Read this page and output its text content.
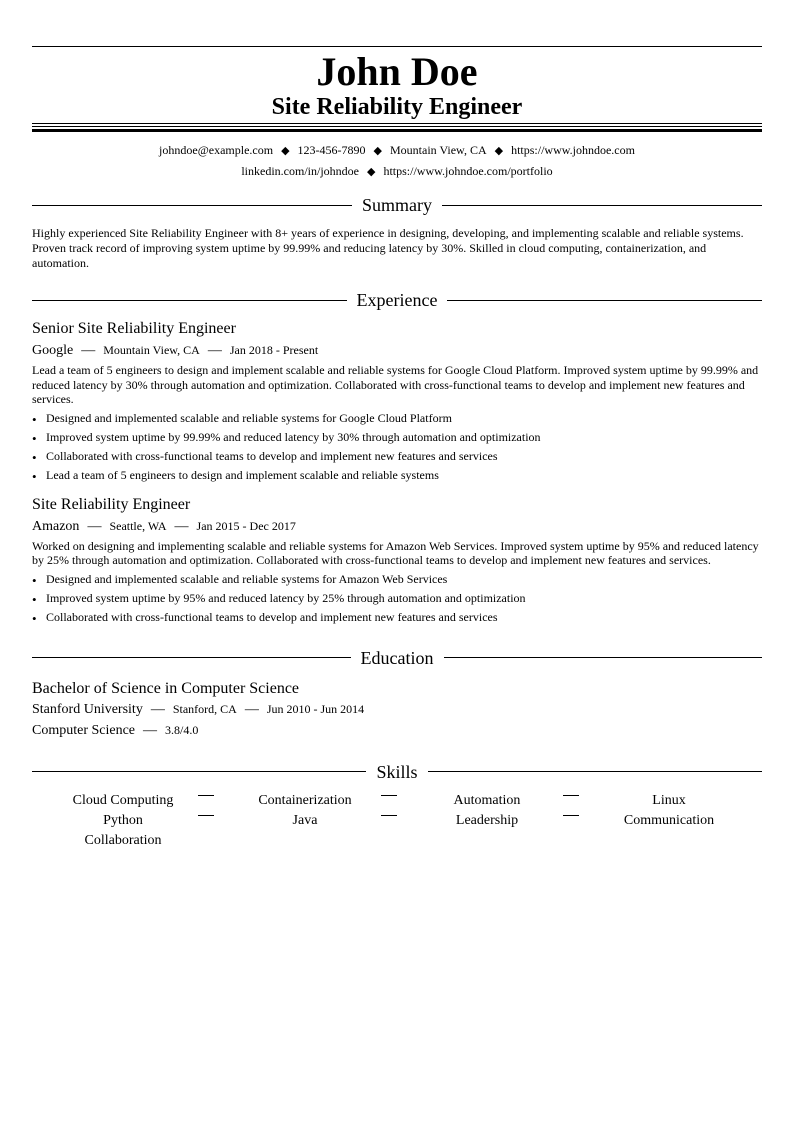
John Doe
Site Reliability Engineer
johndoe@example.com ◆ 123-456-7890 ◆ Mountain View, CA ◆ https://www.johndoe.com
linkedin.com/in/johndoe ◆ https://www.johndoe.com/portfolio
Summary
Highly experienced Site Reliability Engineer with 8+ years of experience in designing, developing, and implementing scalable and reliable systems. Proven track record of improving system uptime by 99.99% and reducing latency by 30%. Skilled in cloud computing, containerization, and automation.
Experience
Senior Site Reliability Engineer
Google — Mountain View, CA — Jan 2018 - Present
Lead a team of 5 engineers to design and implement scalable and reliable systems for Google Cloud Platform. Improved system uptime by 99.99% and reduced latency by 30% through automation and optimization. Collaborated with cross-functional teams to develop and implement new features and services.
• Designed and implemented scalable and reliable systems for Google Cloud Platform
• Improved system uptime by 99.99% and reduced latency by 30% through automation and optimization
• Collaborated with cross-functional teams to develop and implement new features and services
• Lead a team of 5 engineers to design and implement scalable and reliable systems
Site Reliability Engineer
Amazon — Seattle, WA — Jan 2015 - Dec 2017
Worked on designing and implementing scalable and reliable systems for Amazon Web Services. Improved system uptime by 95% and reduced latency by 25% through automation and optimization. Collaborated with cross-functional teams to develop and implement new features and services.
• Designed and implemented scalable and reliable systems for Amazon Web Services
• Improved system uptime by 95% and reduced latency by 25% through automation and optimization
• Collaborated with cross-functional teams to develop and implement new features and services
Education
Bachelor of Science in Computer Science
Stanford University — Stanford, CA — Jun 2010 - Jun 2014
Computer Science — 3.8/4.0
Skills
Cloud Computing	Containerization	Automation	Linux
Python	Java	Leadership	Communication
Collaboration
